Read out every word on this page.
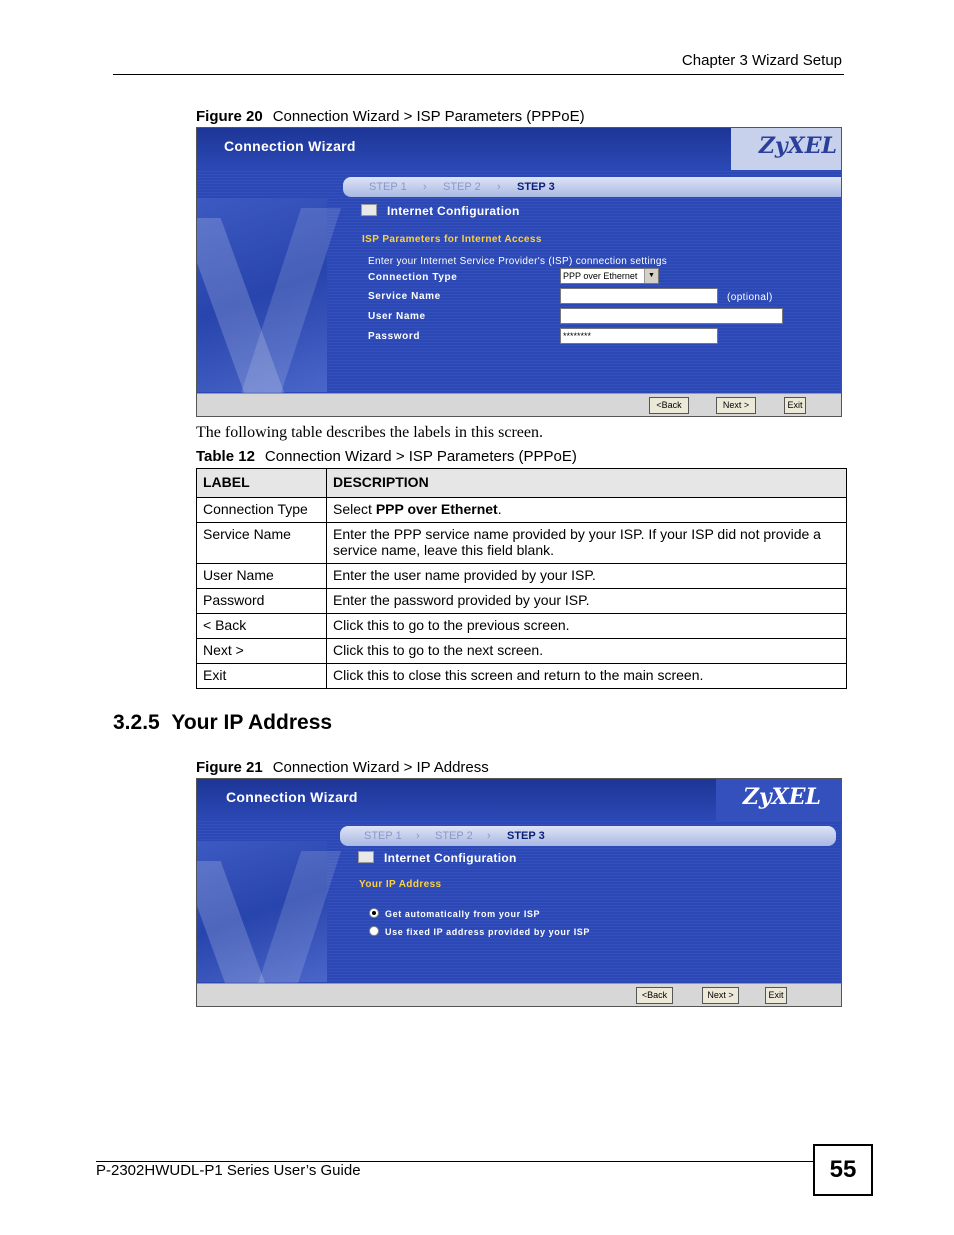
Chapter 3 Wizard Setup
Figure 20 Connection Wizard > ISP Parameters (PPPoE)
Connection Wizard	ZyXEL
STEP 1 › STEP 2 › STEP 3
Internet Configuration
ISP Parameters for Internet Access
Enter your Internet Service Provider's (ISP) connection settings
Connection Type	PPP over Ethernet	▼
Service Name	(optional)
User Name
Password	********
<Back	Next >	Exit
The following table describes the labels in this screen.
Table 12 Connection Wizard > ISP Parameters (PPPoE)
LABEL	DESCRIPTION
Connection Type	Select PPP over Ethernet.
Service Name	Enter the PPP service name provided by your ISP. If your ISP did not provide a service name, leave this field blank.
User Name	Enter the user name provided by your ISP.
Password	Enter the password provided by your ISP.
< Back	Click this to go to the previous screen.
Next >	Click this to go to the next screen.
Exit	Click this to close this screen and return to the main screen.
3.2.5 Your IP Address
Figure 21 Connection Wizard > IP Address
Connection Wizard	ZyXEL
STEP 1 › STEP 2 › STEP 3
Internet Configuration
Your IP Address
Get automatically from your ISP
Use fixed IP address provided by your ISP
<Back	Next >	Exit
P-2302HWUDL-P1 Series User’s Guide	55
